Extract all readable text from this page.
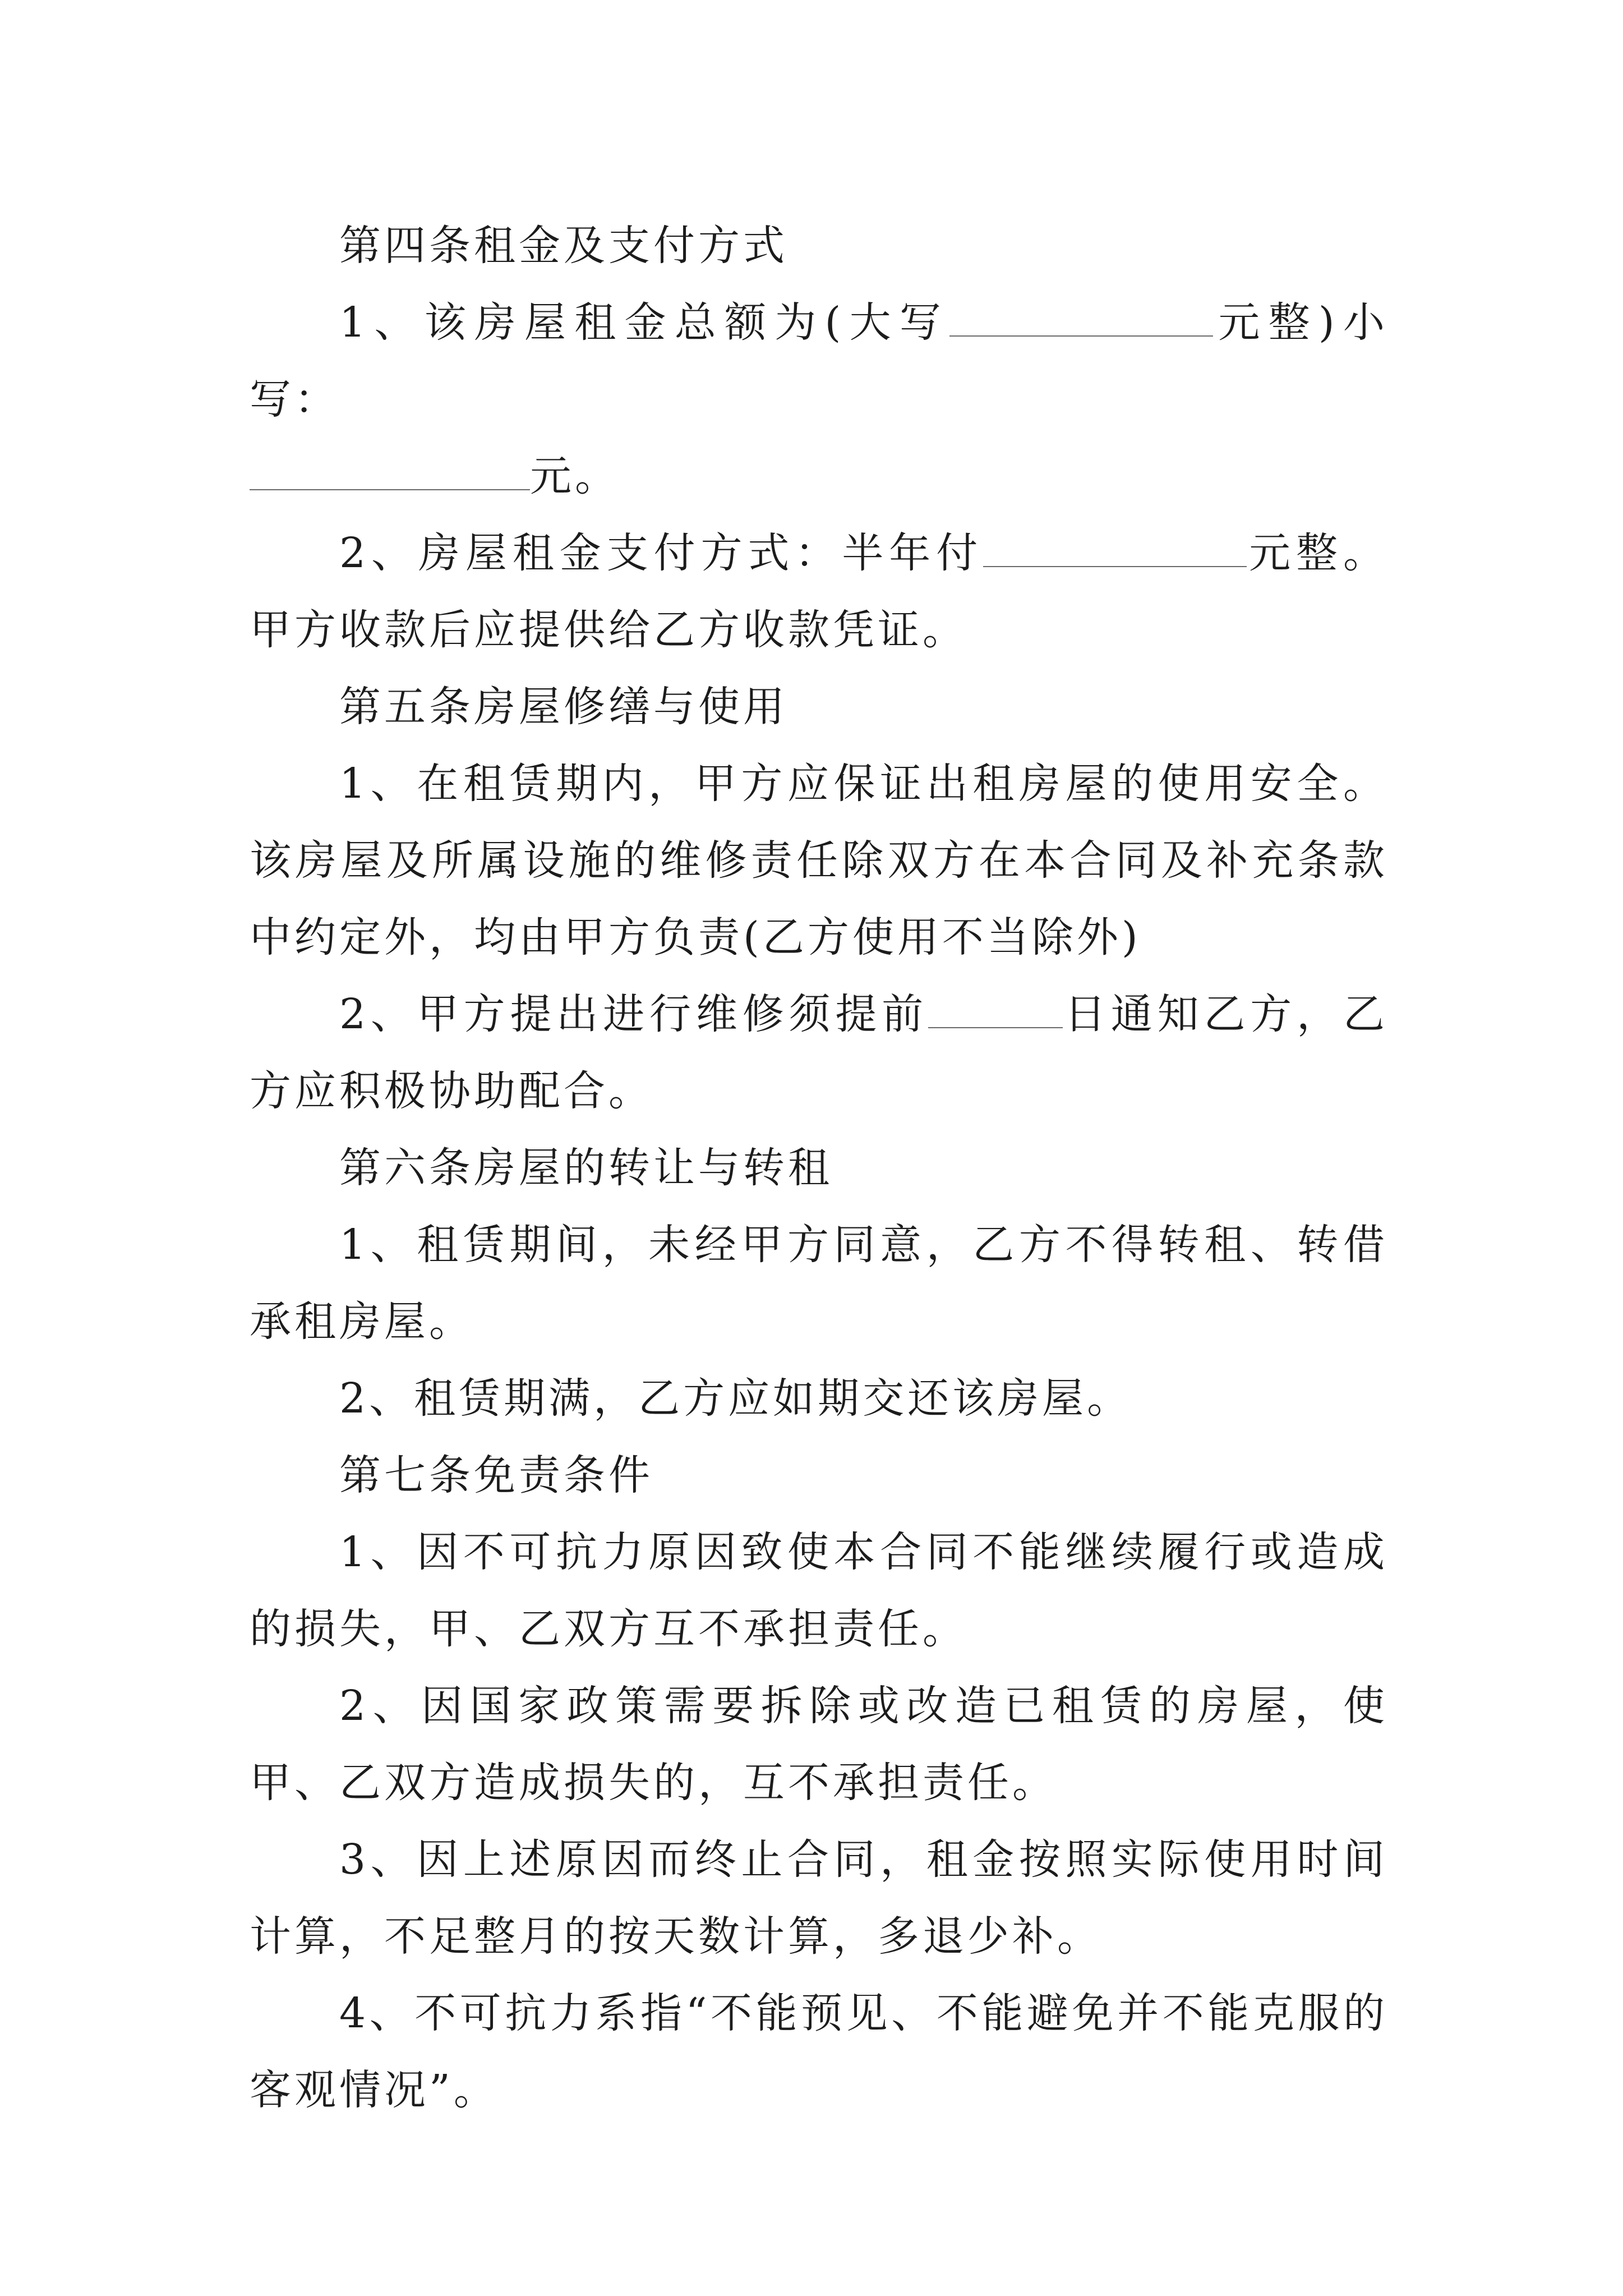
第四条租金及支付方式

1、该房屋租金总额为(大写	元整)小写：
元。

2、房屋租金支付方式：半年付	元整。甲方收款后应提供给乙方收款凭证。

第五条房屋修缮与使用

1、在租赁期内，甲方应保证出租房屋的使用安全。该房屋及所属设施的维修责任除双方在本合同及补充条款中约定外，均由甲方负责(乙方使用不当除外)

2、甲方提出进行维修须提前	日通知乙方，乙方应积极协助配合。

第六条房屋的转让与转租

1、租赁期间，未经甲方同意，乙方不得转租、转借承租房屋。

2、租赁期满，乙方应如期交还该房屋。

第七条免责条件

1、因不可抗力原因致使本合同不能继续履行或造成的损失，甲、乙双方互不承担责任。

2、因国家政策需要拆除或改造已租赁的房屋，使甲、乙双方造成损失的，互不承担责任。

3、因上述原因而终止合同，租金按照实际使用时间计算，不足整月的按天数计算，多退少补。

4、不可抗力系指“不能预见、不能避免并不能克服的客观情况”。
